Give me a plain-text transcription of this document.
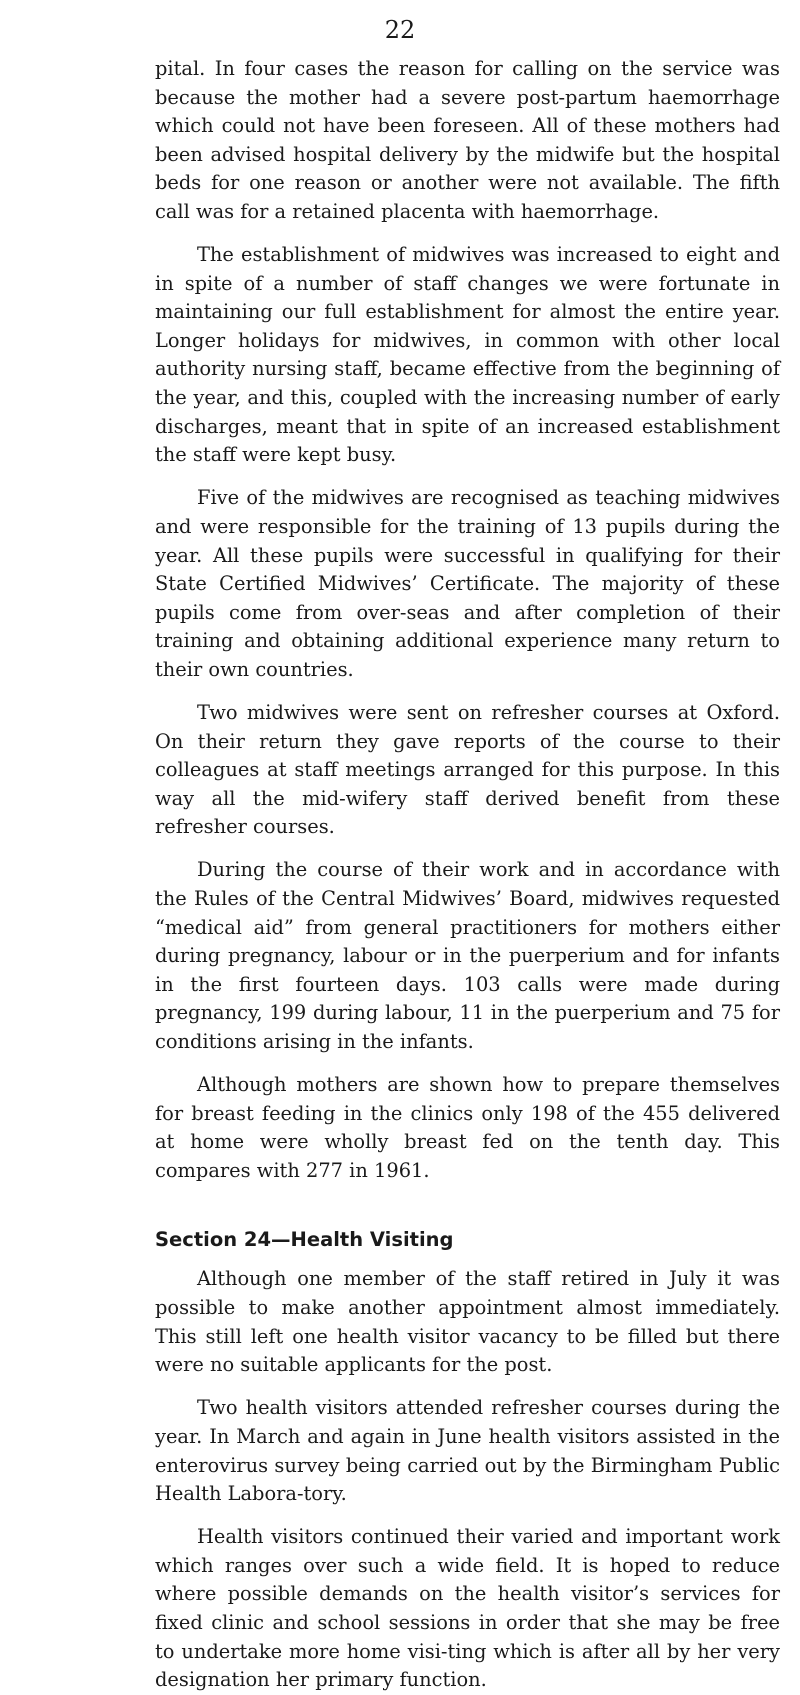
22

pital. In four cases the reason for calling on the service was because the mother had a severe post-partum haemorrhage which could not have been foreseen. All of these mothers had been advised hospital delivery by the midwife but the hospital beds for one reason or another were not available. The fifth call was for a retained placenta with haemorrhage.

The establishment of midwives was increased to eight and in spite of a number of staff changes we were fortunate in maintaining our full establishment for almost the entire year. Longer holidays for midwives, in common with other local authority nursing staff, became effective from the beginning of the year, and this, coupled with the increasing number of early discharges, meant that in spite of an increased establishment the staff were kept busy.

Five of the midwives are recognised as teaching midwives and were responsible for the training of 13 pupils during the year. All these pupils were successful in qualifying for their State Certified Midwives’ Certificate. The majority of these pupils come from over-seas and after completion of their training and obtaining additional experience many return to their own countries.

Two midwives were sent on refresher courses at Oxford. On their return they gave reports of the course to their colleagues at staff meetings arranged for this purpose. In this way all the mid-wifery staff derived benefit from these refresher courses.

During the course of their work and in accordance with the Rules of the Central Midwives’ Board, midwives requested “medical aid” from general practitioners for mothers either during pregnancy, labour or in the puerperium and for infants in the first fourteen days. 103 calls were made during pregnancy, 199 during labour, 11 in the puerperium and 75 for conditions arising in the infants.

Although mothers are shown how to prepare themselves for breast feeding in the clinics only 198 of the 455 delivered at home were wholly breast fed on the tenth day. This compares with 277 in 1961.

Section 24—Health Visiting

Although one member of the staff retired in July it was possible to make another appointment almost immediately. This still left one health visitor vacancy to be filled but there were no suitable applicants for the post.

Two health visitors attended refresher courses during the year. In March and again in June health visitors assisted in the enterovirus survey being carried out by the Birmingham Public Health Labora-tory.

Health visitors continued their varied and important work which ranges over such a wide field. It is hoped to reduce where possible demands on the health visitor’s services for fixed clinic and school sessions in order that she may be free to undertake more home visi-ting which is after all by her very designation her primary function.
